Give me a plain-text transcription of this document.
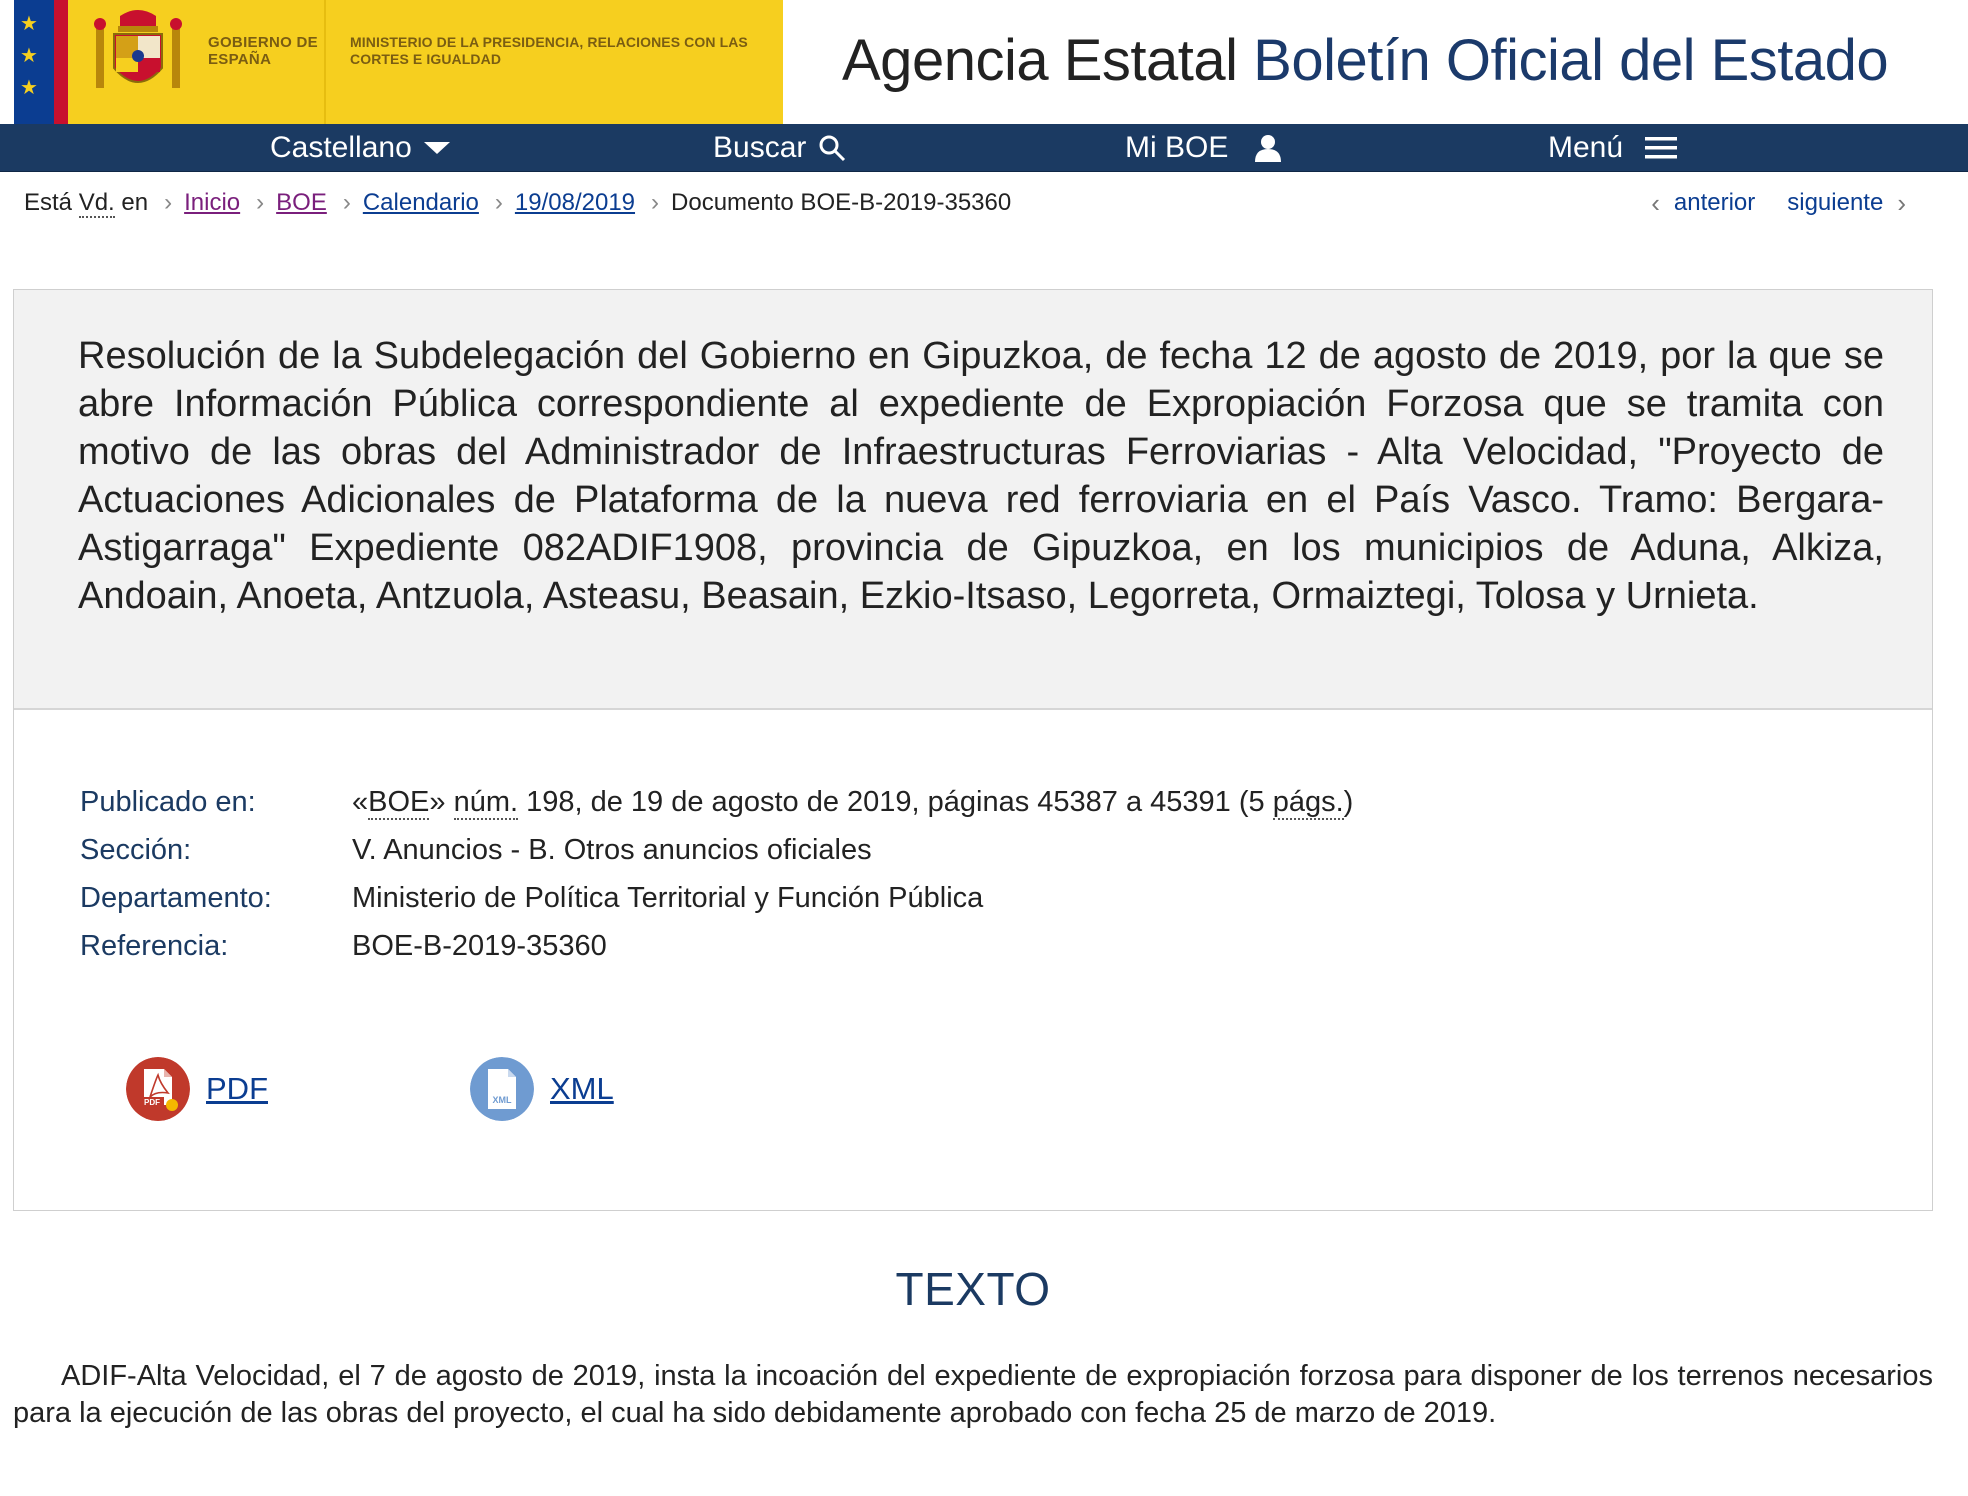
★
★
★
GOBIERNO DE ESPAÑA
MINISTERIO DE LA PRESIDENCIA, RELACIONES CON LAS CORTES E IGUALDAD	Agencia Estatal Boletín Oficial del Estado
Castellano	Buscar	Mi BOE	Menú
Está Vd. en › Inicio › BOE › Calendario › 19/08/2019 › Documento BOE-B-2019-35360	‹ anterior siguiente ›
Resolución de la Subdelegación del Gobierno en Gipuzkoa, de fecha 12 de agosto de 2019, por la que se abre Información Pública correspondiente al expediente de Expropiación Forzosa que se tramita con motivo de las obras del Administrador de Infraestructuras Ferroviarias - Alta Velocidad, "Proyecto de Actuaciones Adicionales de Plataforma de la nueva red ferroviaria en el País Vasco. Tramo: Bergara-Astigarraga" Expediente 082ADIF1908, provincia de Gipuzkoa, en los municipios de Aduna, Alkiza, Andoain, Anoeta, Antzuola, Asteasu, Beasain, Ezkio-Itsaso, Legorreta, Ormaiztegi, Tolosa y Urnieta.
Publicado en:	«BOE» núm. 198, de 19 de agosto de 2019, páginas 45387 a 45391 (5 págs.)
Sección:	V. Anuncios - B. Otros anuncios oficiales
Departamento:	Ministerio de Política Territorial y Función Pública
Referencia:	BOE-B-2019-35360
PDF PDF	XML XML
TEXTO

ADIF-Alta Velocidad, el 7 de agosto de 2019, insta la incoación del expediente de expropiación forzosa para disponer de los terrenos necesarios para la ejecución de las obras del proyecto, el cual ha sido debidamente aprobado con fecha 25 de marzo de 2019.
